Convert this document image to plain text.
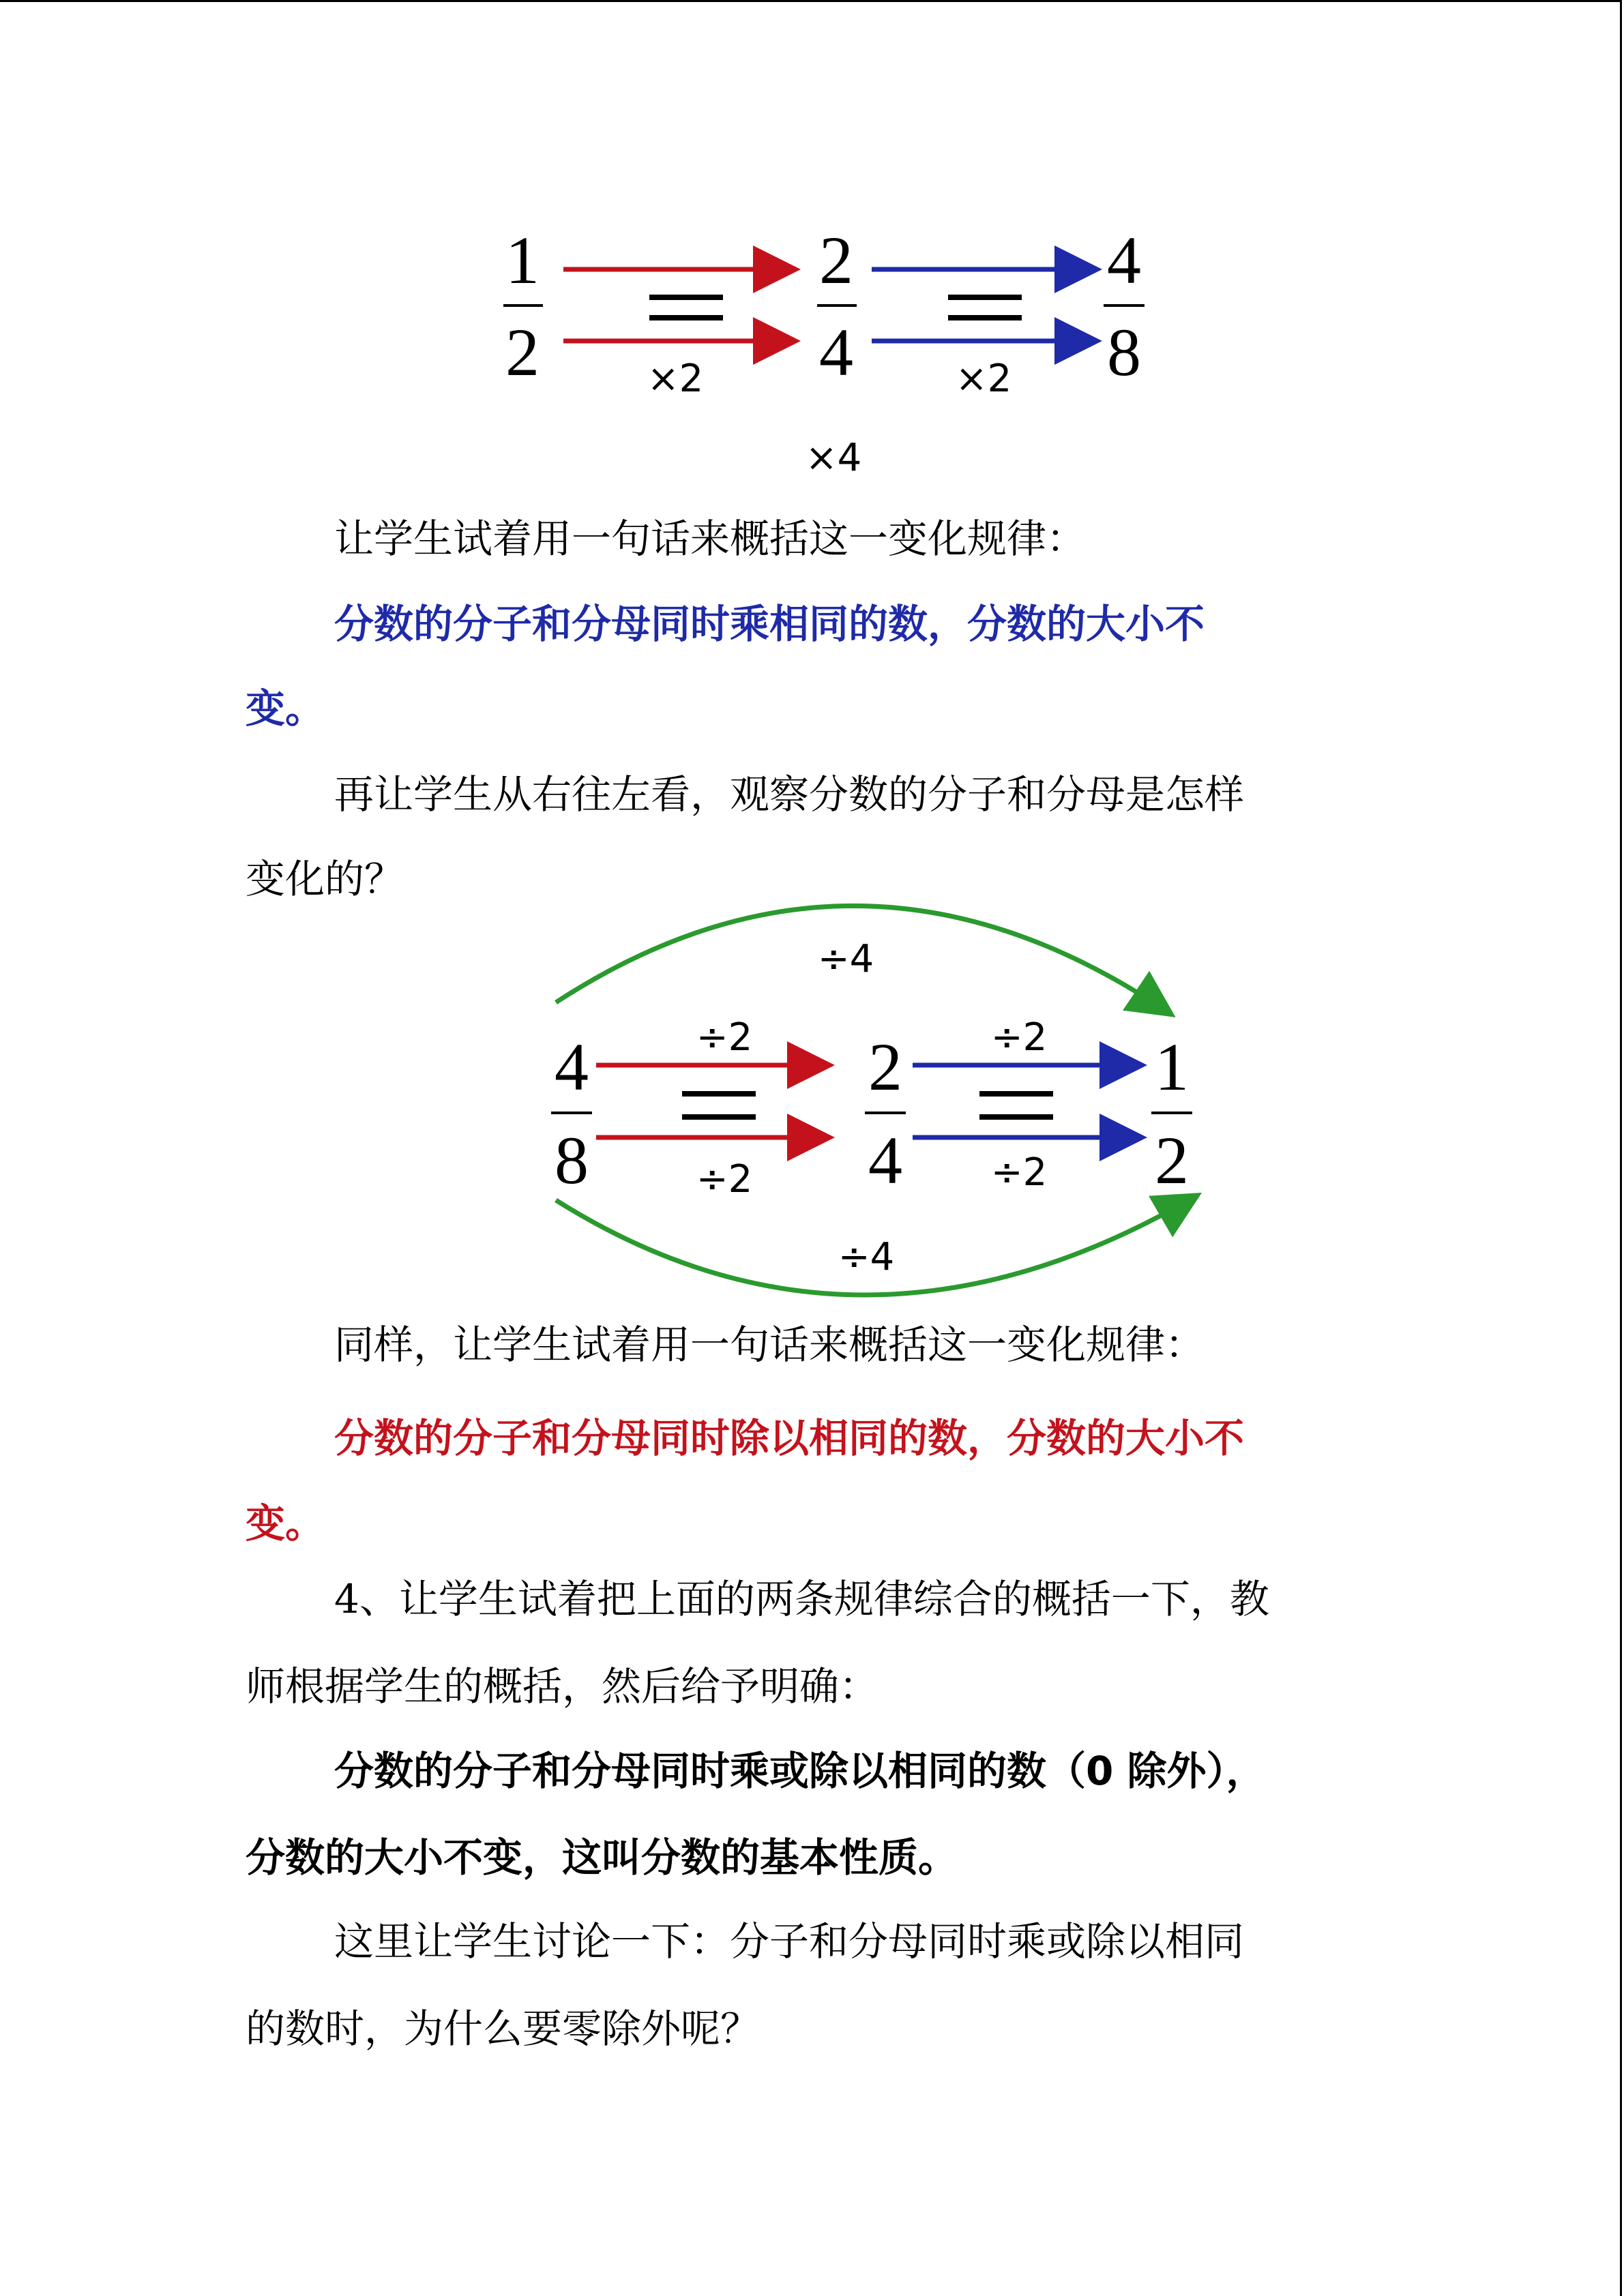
1
2
2
4
4
8
×2	×2
×4
让学生试着用一句话来概括这一变化规律：
分数的分子和分母同时乘相同的数，分数的大小不
变。
再让学生从右往左看，观察分数的分子和分母是怎样
变化的？
÷4
÷4
4
8
2
4
1
2
÷2	÷2
÷2	÷2
同样，让学生试着用一句话来概括这一变化规律：
分数的分子和分母同时除以相同的数，分数的大小不
变。
4、让学生试着把上面的两条规律综合的概括一下，教
师根据学生的概括，然后给予明确：
分数的分子和分母同时乘或除以相同的数（0 除外），
分数的大小不变，这叫分数的基本性质。
这里让学生讨论一下：分子和分母同时乘或除以相同
的数时，为什么要零除外呢？
